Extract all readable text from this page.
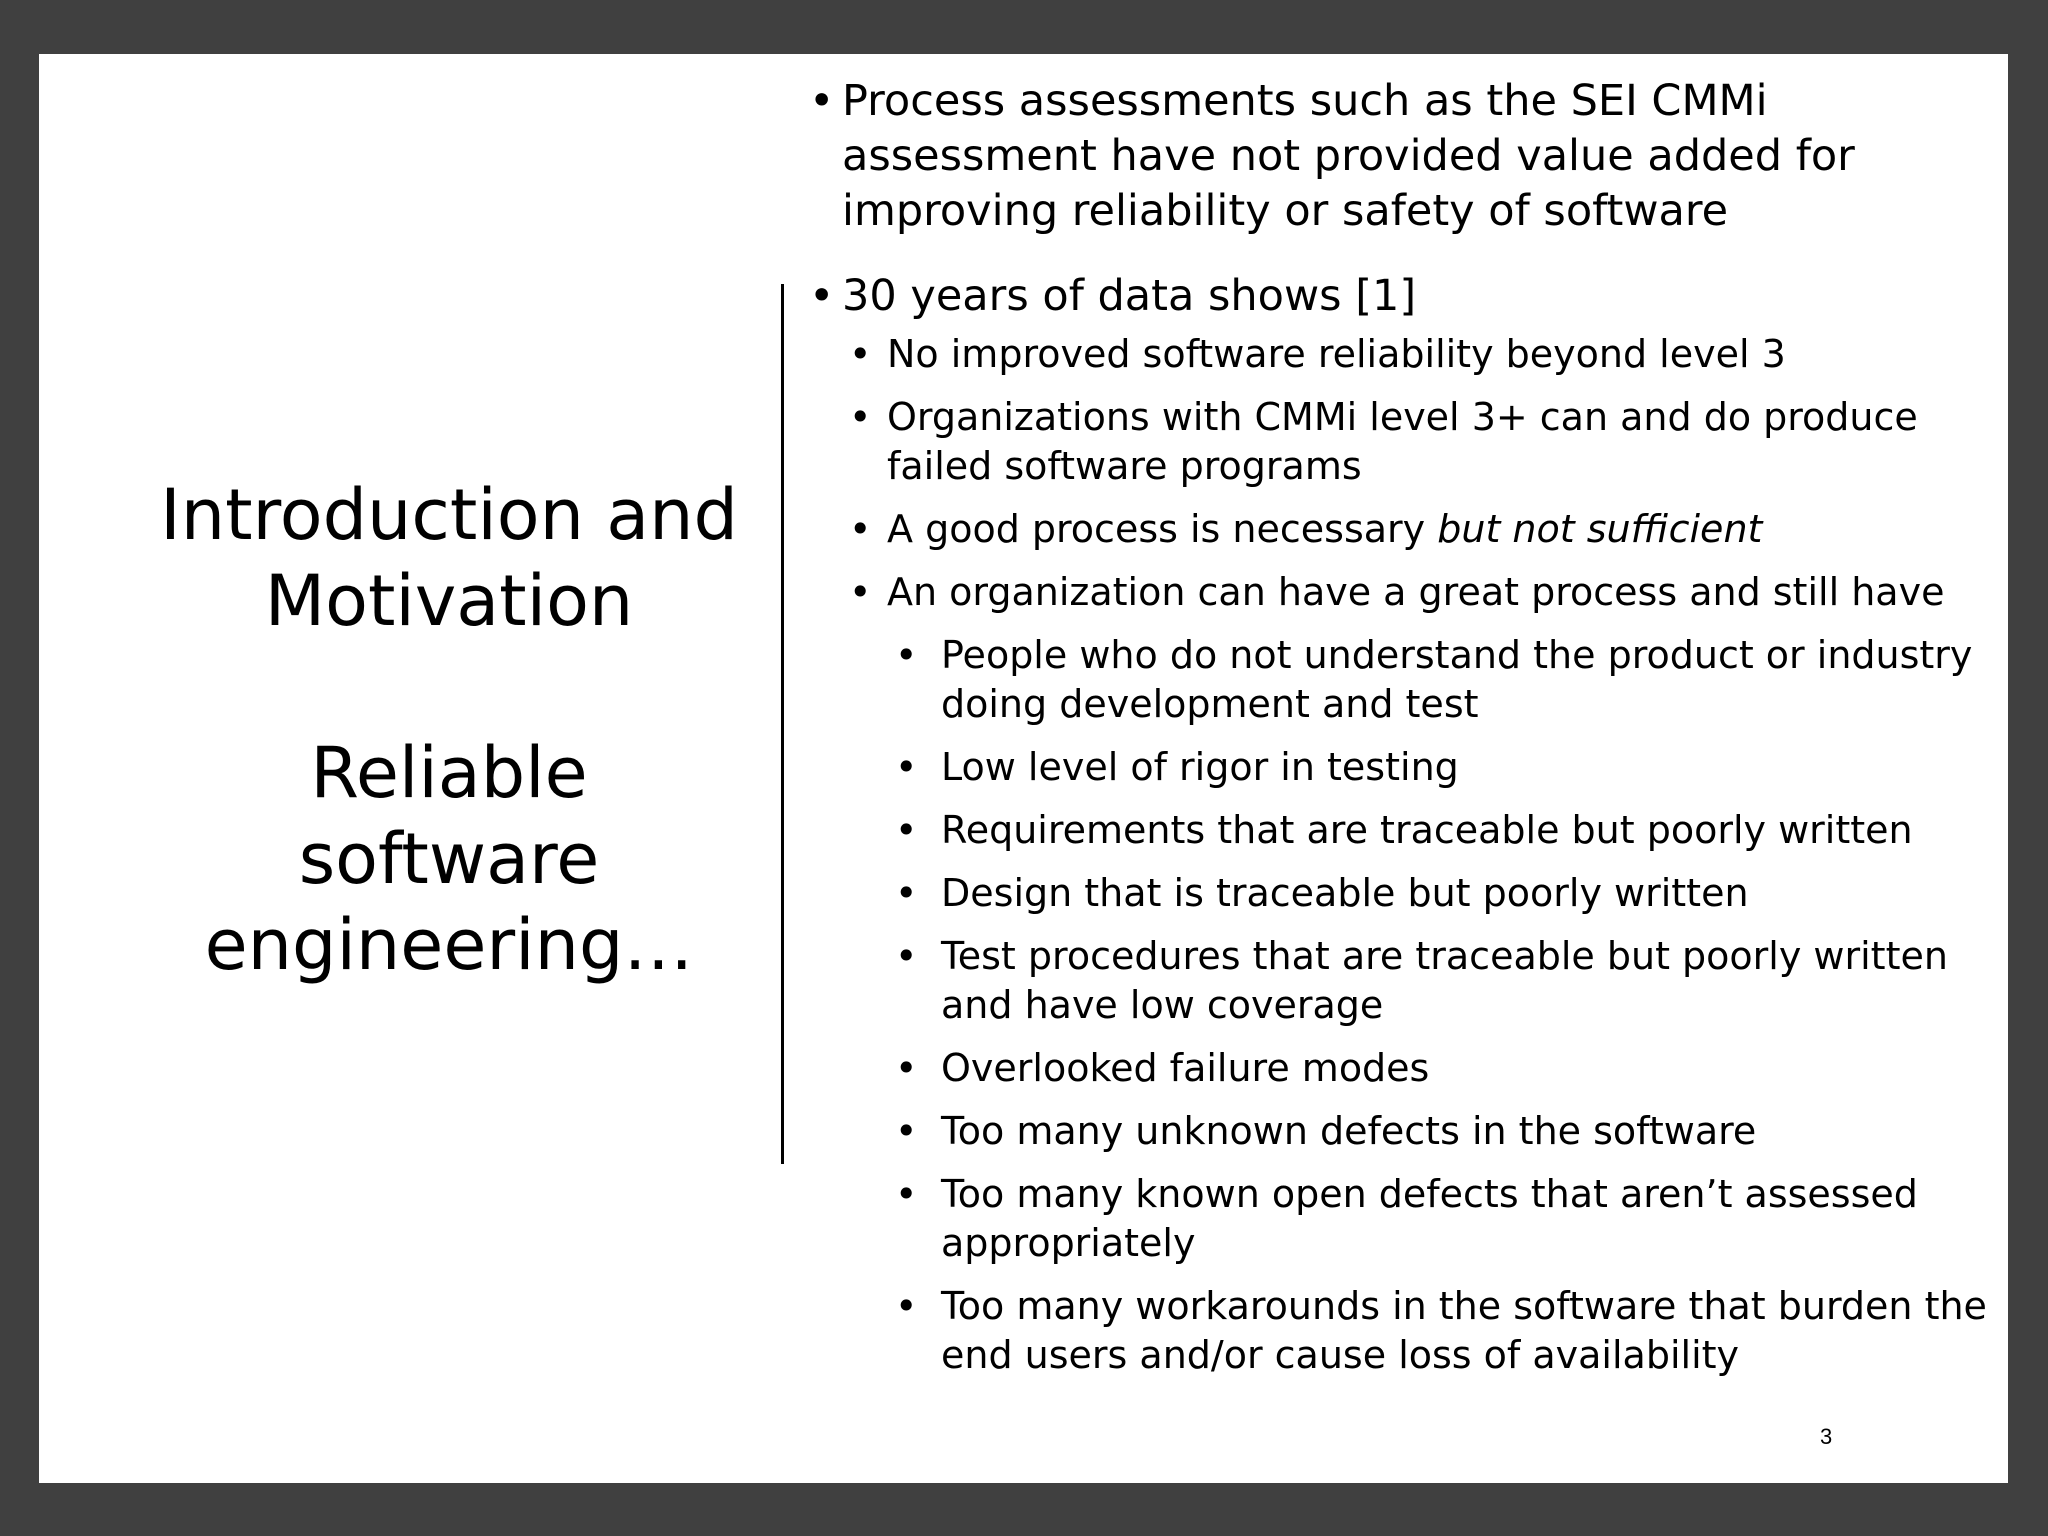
Introduction and
Motivation
Reliable
software
engineering…
• Process assessments such as the SEI CMMi assessment have not provided value added for improving reliability or safety of software
• 30 years of data shows [1]
• No improved software reliability beyond level 3
• Organizations with CMMi level 3+ can and do produce failed software programs
• A good process is necessary but not sufficient
• An organization can have a great process and still have
• People who do not understand the product or industry doing development and test
• Low level of rigor in testing
• Requirements that are traceable but poorly written
• Design that is traceable but poorly written
• Test procedures that are traceable but poorly written and have low coverage
• Overlooked failure modes
• Too many unknown defects in the software
• Too many known open defects that aren’t assessed appropriately
• Too many workarounds in the software that burden the end users and/or cause loss of availability
3
